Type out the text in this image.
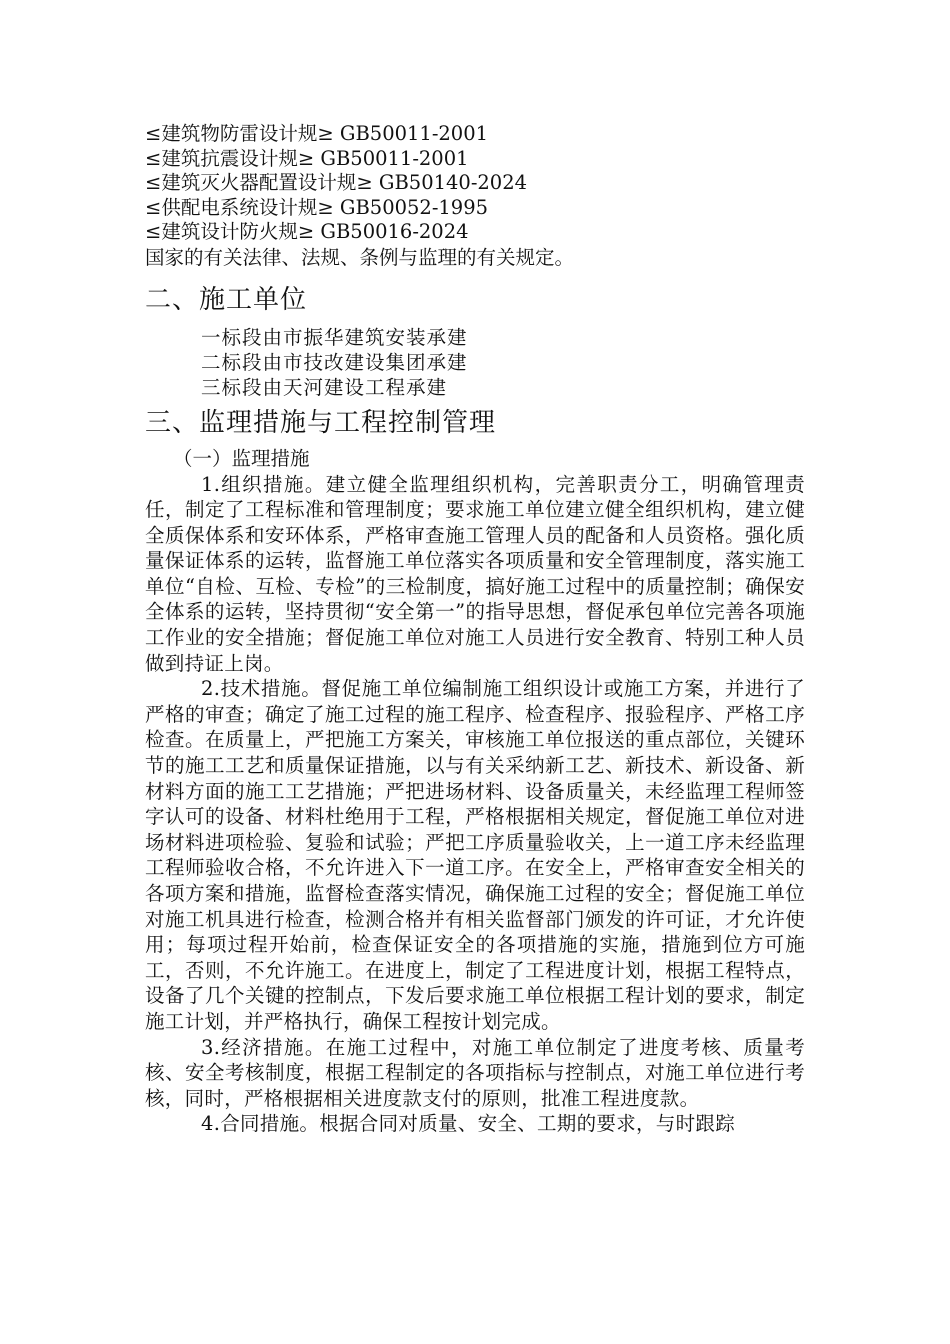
≤建筑物防雷设计规≥ GB50011-2001
≤建筑抗震设计规≥ GB50011-2001
≤建筑灭火器配置设计规≥ GB50140-2024
≤供配电系统设计规≥ GB50052-1995
≤建筑设计防火规≥ GB50016-2024
国家的有关法律、法规、条例与监理的有关规定。
二、施工单位
一标段由市振华建筑安装承建
二标段由市技改建设集团承建
三标段由天河建设工程承建
三、监理措施与工程控制管理
（一）监理措施

1.组织措施。建立健全监理组织机构，完善职责分工，明确管理责任，制定了工程标准和管理制度；要求施工单位建立健全组织机构，建立健全质保体系和安环体系，严格审查施工管理人员的配备和人员资格。强化质量保证体系的运转，监督施工单位落实各项质量和安全管理制度，落实施工单位“自检、互检、专检”的三检制度，搞好施工过程中的质量控制；确保安全体系的运转，坚持贯彻“安全第一”的指导思想，督促承包单位完善各项施工作业的安全措施；督促施工单位对施工人员进行安全教育、特别工种人员做到持证上岗。

2.技术措施。督促施工单位编制施工组织设计或施工方案，并进行了严格的审查；确定了施工过程的施工程序、检查程序、报验程序、严格工序检查。在质量上，严把施工方案关，审核施工单位报送的重点部位，关键环节的施工工艺和质量保证措施，以与有关采纳新工艺、新技术、新设备、新材料方面的施工工艺措施；严把进场材料、设备质量关，未经监理工程师签字认可的设备、材料杜绝用于工程，严格根据相关规定，督促施工单位对进场材料进项检验、复验和试验；严把工序质量验收关，上一道工序未经监理工程师验收合格，不允许进入下一道工序。在安全上，严格审查安全相关的各项方案和措施，监督检查落实情况，确保施工过程的安全；督促施工单位对施工机具进行检查，检测合格并有相关监督部门颁发的许可证，才允许使用；每项过程开始前，检查保证安全的各项措施的实施，措施到位方可施工，否则，不允许施工。在进度上，制定了工程进度计划，根据工程特点，设备了几个关键的控制点，下发后要求施工单位根据工程计划的要求，制定施工计划，并严格执行，确保工程按计划完成。

3.经济措施。在施工过程中，对施工单位制定了进度考核、质量考核、安全考核制度，根据工程制定的各项指标与控制点，对施工单位进行考核，同时，严格根据相关进度款支付的原则，批准工程进度款。

4.合同措施。根据合同对质量、安全、工期的要求，与时跟踪
